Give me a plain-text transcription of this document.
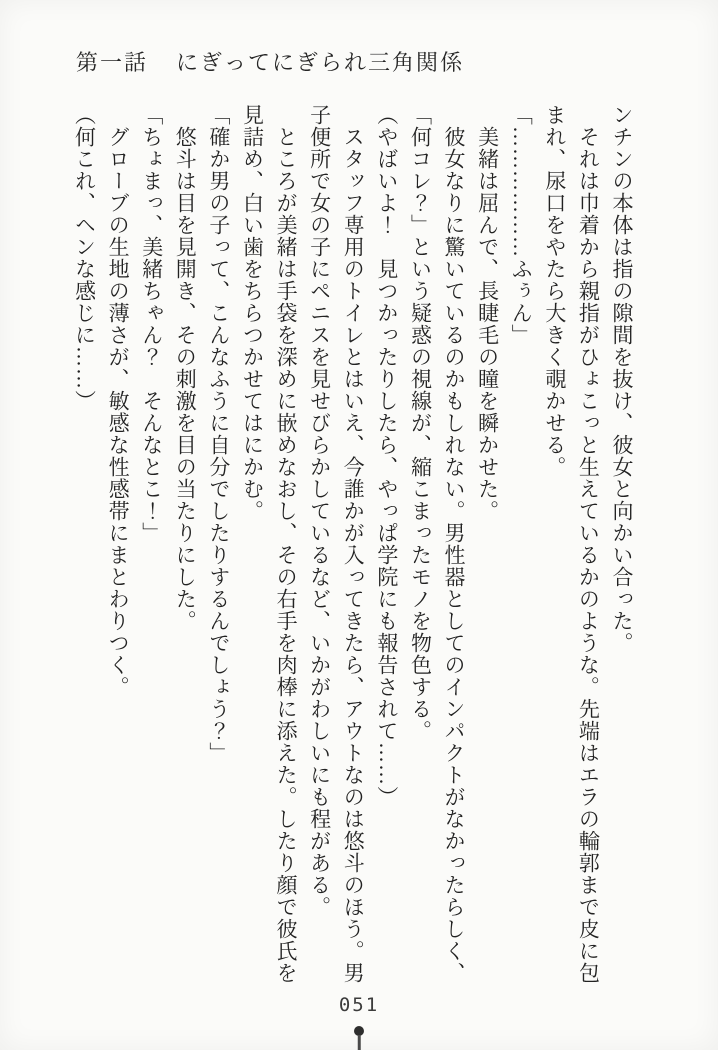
第一話 にぎってにぎられ三角関係

ンチンの本体は指の隙間を抜け、彼女と向かい合った。

　それは巾着から親指がひょこっと生えているかのような。先端はエラの輪郭まで皮に包

まれ、尿口をやたら大きく覗かせる。

「………………ふぅん」

　美緒は屈んで、長睫毛の瞳を瞬かせた。

　彼女なりに驚いているのかもしれない。男性器としてのインパクトがなかったらしく、

「何コレ？」という疑惑の視線が、縮こまったモノを物色する。

（やばいよ！　見つかったりしたら、やっぱ学院にも報告されて……）

　スタッフ専用のトイレとはいえ、今誰かが入ってきたら、アウトなのは悠斗のほう。男

子便所で女の子にペニスを見せびらかしているなど、いかがわしいにも程がある。

　ところが美緒は手袋を深めに嵌めなおし、その右手を肉棒に添えた。したり顔で彼氏を

見詰め、白い歯をちらつかせてはにかむ。

「確か男の子って、こんなふうに自分でしたりするんでしょう？」

　悠斗は目を見開き、その刺激を目の当たりにした。

「ちょまっ、美緒ちゃん？　そんなとこ！」

　グローブの生地の薄さが、敏感な性感帯にまとわりつく。

（何これ、ヘンな感じに……）

051
